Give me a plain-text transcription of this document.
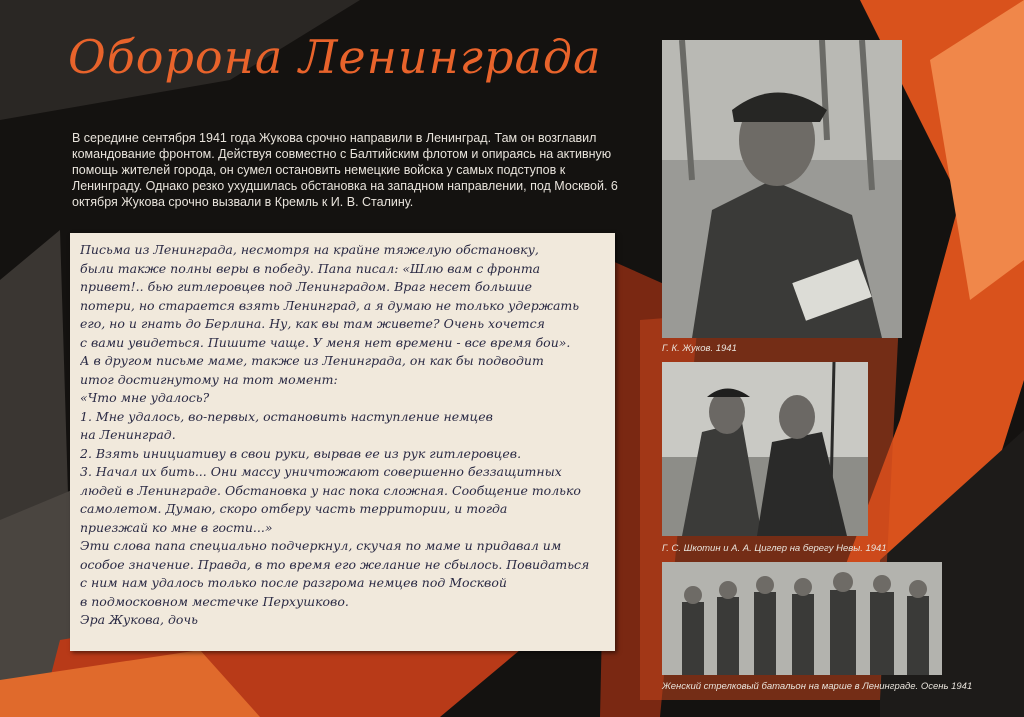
Оборона Ленинграда
В середине сентября 1941 года Жукова срочно направили в Ленинград. Там он возглавил командование фронтом. Действуя совместно с Балтийским флотом и опираясь на активную помощь жителей города, он сумел остановить немецкие войска у самых подступов к Ленинграду. Однако резко ухудшилась обстановка на западном направлении, под Москвой. 6 октября Жукова срочно вызвали в Кремль к И. В. Сталину.
Письма из Ленинграда, несмотря на крайне тяжелую обстановку,
были также полны веры в победу. Папа писал: «Шлю вам с фронта
привет!.. бью гитлеровцев под Ленинградом. Враг несет большие
потери, но старается взять Ленинград, а я думаю не только удержать
его, но и гнать до Берлина. Ну, как вы там живете? Очень хочется
с вами увидеться. Пишите чаще. У меня нет времени - все время бои».
А в другом письме маме, также из Ленинграда, он как бы подводит
итог достигнутому на тот момент:
«Что мне удалось?
1. Мне удалось, во-первых, остановить наступление немцев
на Ленинград.
2. Взять инициативу в свои руки, вырвав ее из рук гитлеровцев.
3. Начал их бить... Они массу уничтожают совершенно беззащитных
людей в Ленинграде. Обстановка у нас пока сложная. Сообщение только
самолетом. Думаю, скоро отберу часть территории, и тогда
приезжай ко мне в гости...»
Эти слова папа специально подчеркнул, скучая по маме и придавал им
особое значение. Правда, в то время его желание не сбылось. Повидаться
с ним нам удалось только после разгрома немцев под Москвой
в подмосковном местечке Перхушково.
Эра Жукова, дочь
Г. К. Жуков. 1941
Г. С. Шкотин и А. А. Циглер на берегу Невы. 1941
Женский стрелковый батальон на марше в Ленинграде. Осень 1941
